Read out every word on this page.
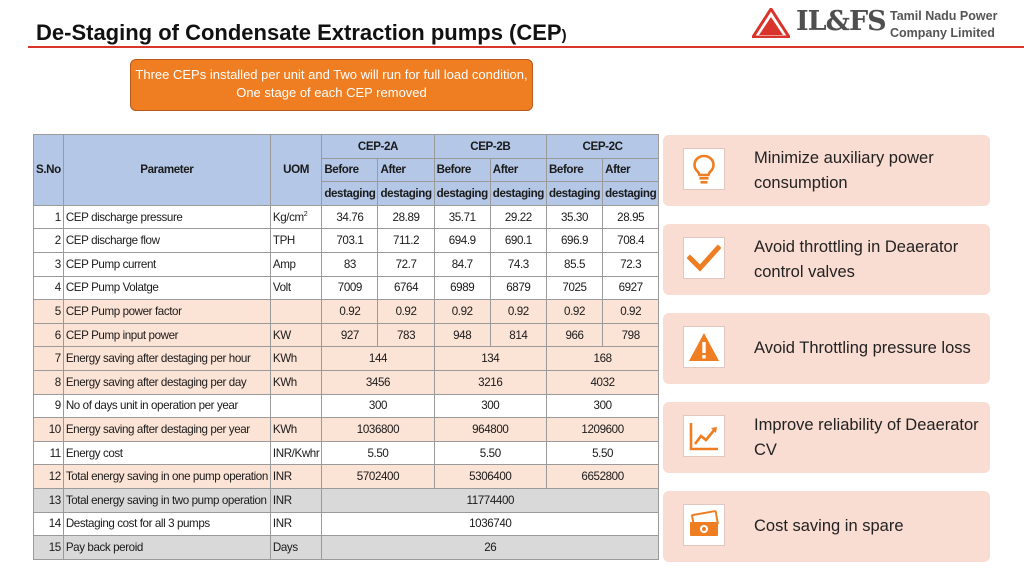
De-Staging of Condensate Extraction pumps (CEP)	IL&FS Tamil Nadu Power
Company Limited
Three CEPs installed per unit and Two will run for full load condition, One stage of each CEP removed
S.No	Parameter	UOM	CEP-2A		CEP-2B		CEP-2C	
			Before	After	Before	After	Before	After
			destaging	destaging	destaging	destaging	destaging	destaging
1	CEP discharge pressure	$Kg/cm^2$	34.76	28.89	35.71	29.22	35.30	28.95
2	CEP discharge flow	TPH	703.1	711.2	694.9	690.1	696.9	708.4
3	CEP Pump current	Amp	83	72.7	84.7	74.3	85.5	72.3
4	CEP Pump Volatge	Volt	7009	6764	6989	6879	7025	6927
5	CEP Pump power factor		0.92	0.92	0.92	0.92	0.92	0.92
6	CEP Pump input power	KW	927	783	948	814	966	798
7	Energy saving after destaging per hour	KWh	144		134		168	
8	Energy saving after destaging per day	KWh	3456		3216		4032	
9	No of days unit in operation per year		300		300		300	
10	Energy saving after destaging per year	KWh	1036800		964800		1209600	
11	Energy cost	INR/Kwhr	5.50		5.50		5.50	
12	Total energy saving in one pump operation	INR	5702400		5306400		6652800	
13	Total energy saving in two pump operation	INR	11774400					
14	Destaging cost for all 3 pumps	INR	1036740					
15	Pay back peroid	Days	26					
Minimize auxiliary power consumption
Avoid throttling in Deaerator control valves
Avoid Throttling pressure loss
Improve reliability of Deaerator CV
Cost saving in spare
